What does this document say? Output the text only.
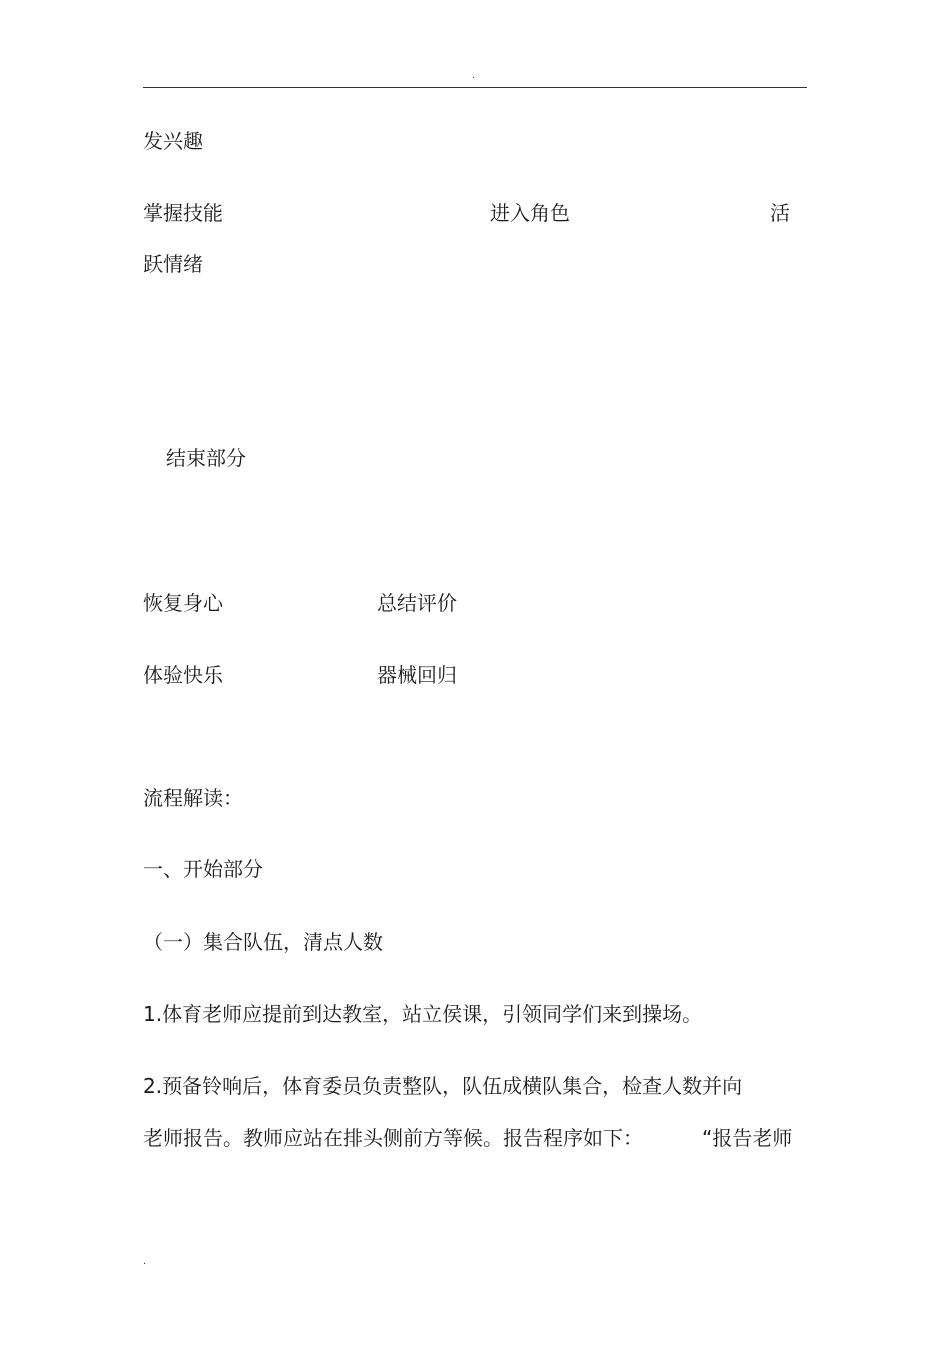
.
发兴趣
掌握技能	进入角色	活
跃情绪
结束部分
恢复身心	总结评价
体验快乐	器械回归
流程解读：
一、开始部分
（一）集合队伍，清点人数
1.体育老师应提前到达教室，站立侯课，引领同学们来到操场。
2.预备铃响后，体育委员负责整队，队伍成横队集合，检查人数并向
老师报告。教师应站在排头侧前方等候。报告程序如下：	“报告老师
.
